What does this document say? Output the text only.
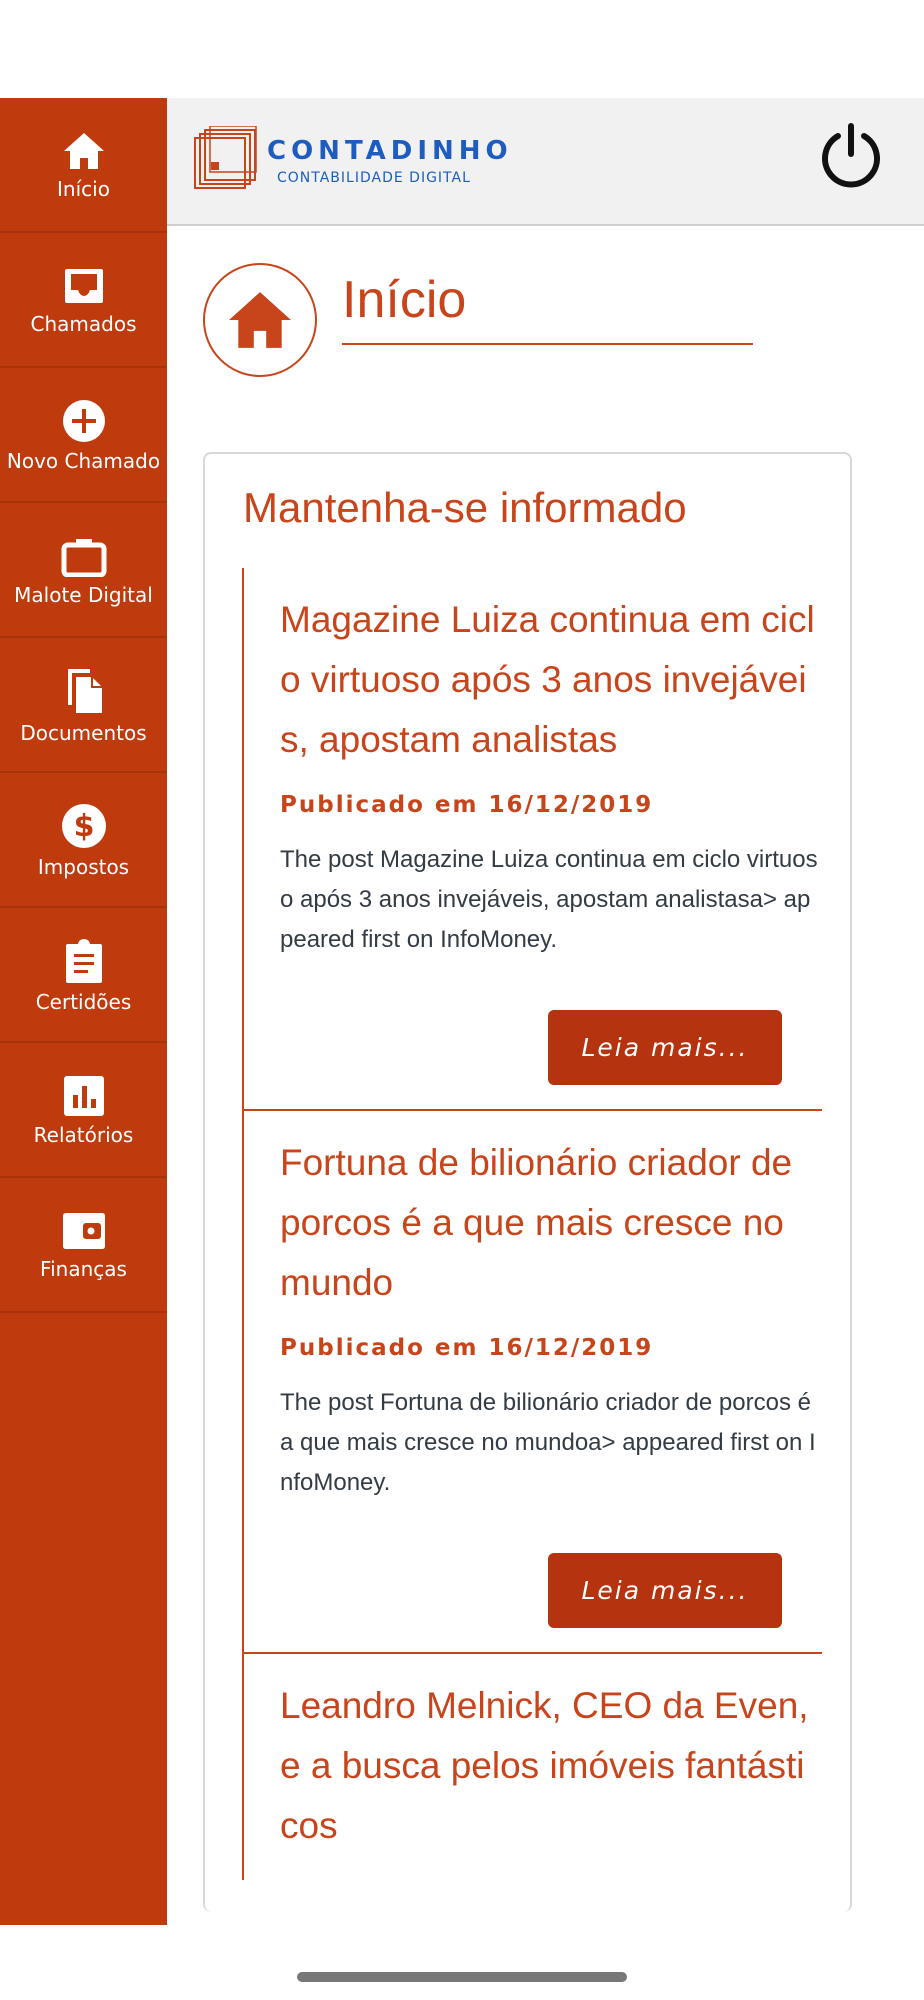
Início
Chamados
Novo Chamado
Malote Digital
Documentos
$
Impostos
Certidões
Relatórios
Finanças
CONTADINHO
CONTABILIDADE DIGITAL
Início
Mantenha-se informado
Magazine Luiza continua em ciclo virtuoso após 3 anos invejáveis, apostam analistas
Publicado em 16/12/2019
The post Magazine Luiza continua em ciclo virtuoso após 3 anos invejáveis, apostam analistasa> appeared first on InfoMoney.
Leia mais...
Fortuna de bilionário criador de porcos é a que mais cresce no mundo
Publicado em 16/12/2019
The post Fortuna de bilionário criador de porcos é a que mais cresce no mundoa> appeared first on InfoMoney.
Leia mais...
Leandro Melnick, CEO da Even, e a busca pelos imóveis fantásticos
